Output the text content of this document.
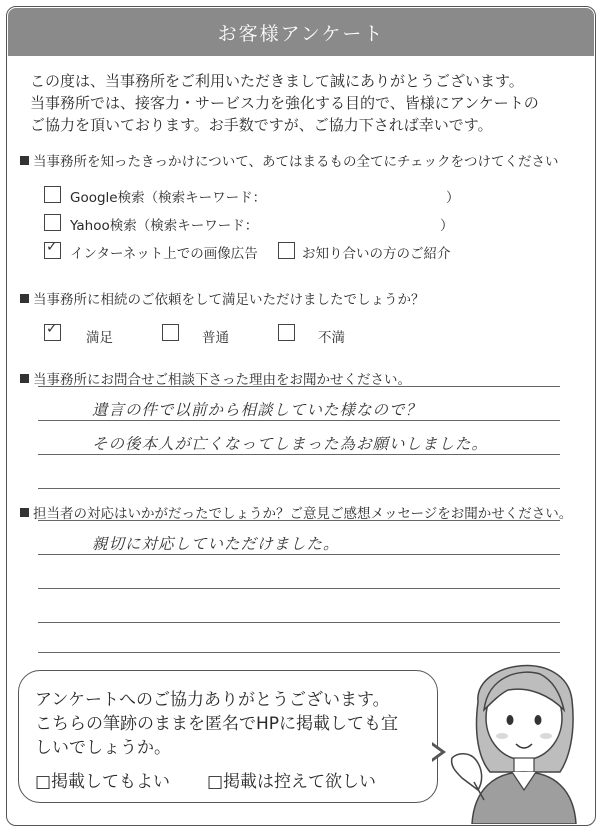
お客様アンケート
この度は、当事務所をご利用いただきまして誠にありがとうございます。
当事務所では、接客力・サービス力を強化する目的で、皆様にアンケートの
ご協力を頂いております。お手数ですが、ご協力下されば幸いです。
当事務所を知ったきっかけについて、あてはまるもの全てにチェックをつけてください
Google検索（検索キーワード：	）
Yahoo検索（検索キーワード：	）
✓
インターネット上での画像広告	お知り合いの方のご紹介
当事務所に相続のご依頼をして満足いただけましたでしょうか？
✓
満足	普通	不満
当事務所にお問合せご相談下さった理由をお聞かせください。
遺言の件で以前から相談していた様なので？
その後本人が亡くなってしまった為お願いしました。
担当者の対応はいかがだったでしょうか？ご意見ご感想メッセージをお聞かせください。
親切に対応していただけました。
アンケートへのご協力ありがとうございます。
こちらの筆跡のままを匿名でHPに掲載しても宜
しいでしょうか。
□掲載してもよい □掲載は控えて欲しい
